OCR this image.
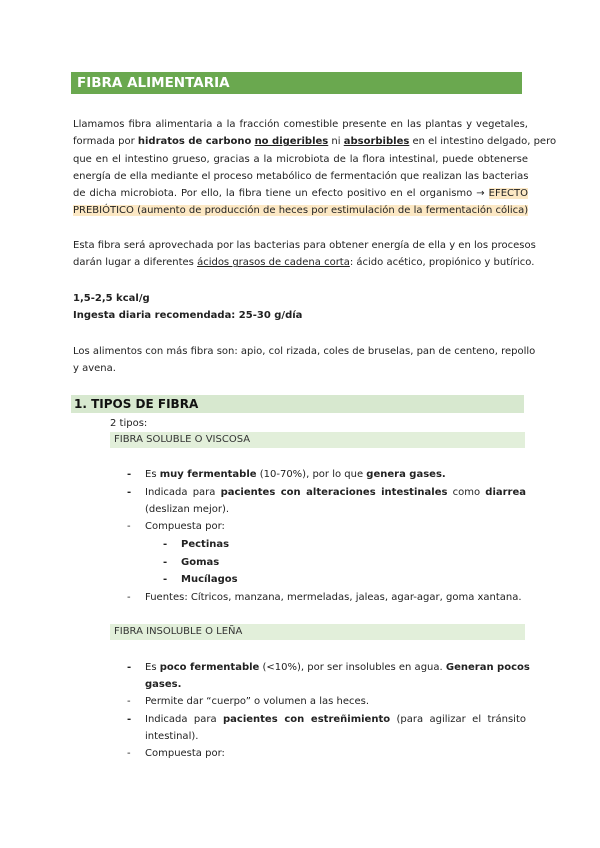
FIBRA ALIMENTARIA
Llamamos fibra alimentaria a la fracción comestible presente en las plantas y vegetales,
formada por hidratos de carbono no digeribles ni absorbibles en el intestino delgado, pero
que en el intestino grueso, gracias a la microbiota de la flora intestinal, puede obtenerse
energía de ella mediante el proceso metabólico de fermentación que realizan las bacterias
de dicha microbiota. Por ello, la fibra tiene un efecto positivo en el organismo → EFECTO
PREBIÓTICO (aumento de producción de heces por estimulación de la fermentación cólica)
Esta fibra será aprovechada por las bacterias para obtener energía de ella y en los procesos
darán lugar a diferentes ácidos grasos de cadena corta: ácido acético, propiónico y butírico.
1,5-2,5 kcal/g
Ingesta diaria recomendada: 25-30 g/día
Los alimentos con más fibra son: apio, col rizada, coles de bruselas, pan de centeno, repollo
y avena.
1. TIPOS DE FIBRA
2 tipos:
FIBRA SOLUBLE O VISCOSA
- Es muy fermentable (10-70%), por lo que genera gases.
- Indicada para pacientes con alteraciones intestinales como diarrea
(deslizan mejor).
- Compuesta por:
- Pectinas
- Gomas
- Mucílagos
- Fuentes: Cítricos, manzana, mermeladas, jaleas, agar-agar, goma xantana.
FIBRA INSOLUBLE O LEÑA
- Es poco fermentable (<10%), por ser insolubles en agua. Generan pocos
gases.
- Permite dar “cuerpo” o volumen a las heces.
- Indicada para pacientes con estreñimiento (para agilizar el tránsito
intestinal).
- Compuesta por:
